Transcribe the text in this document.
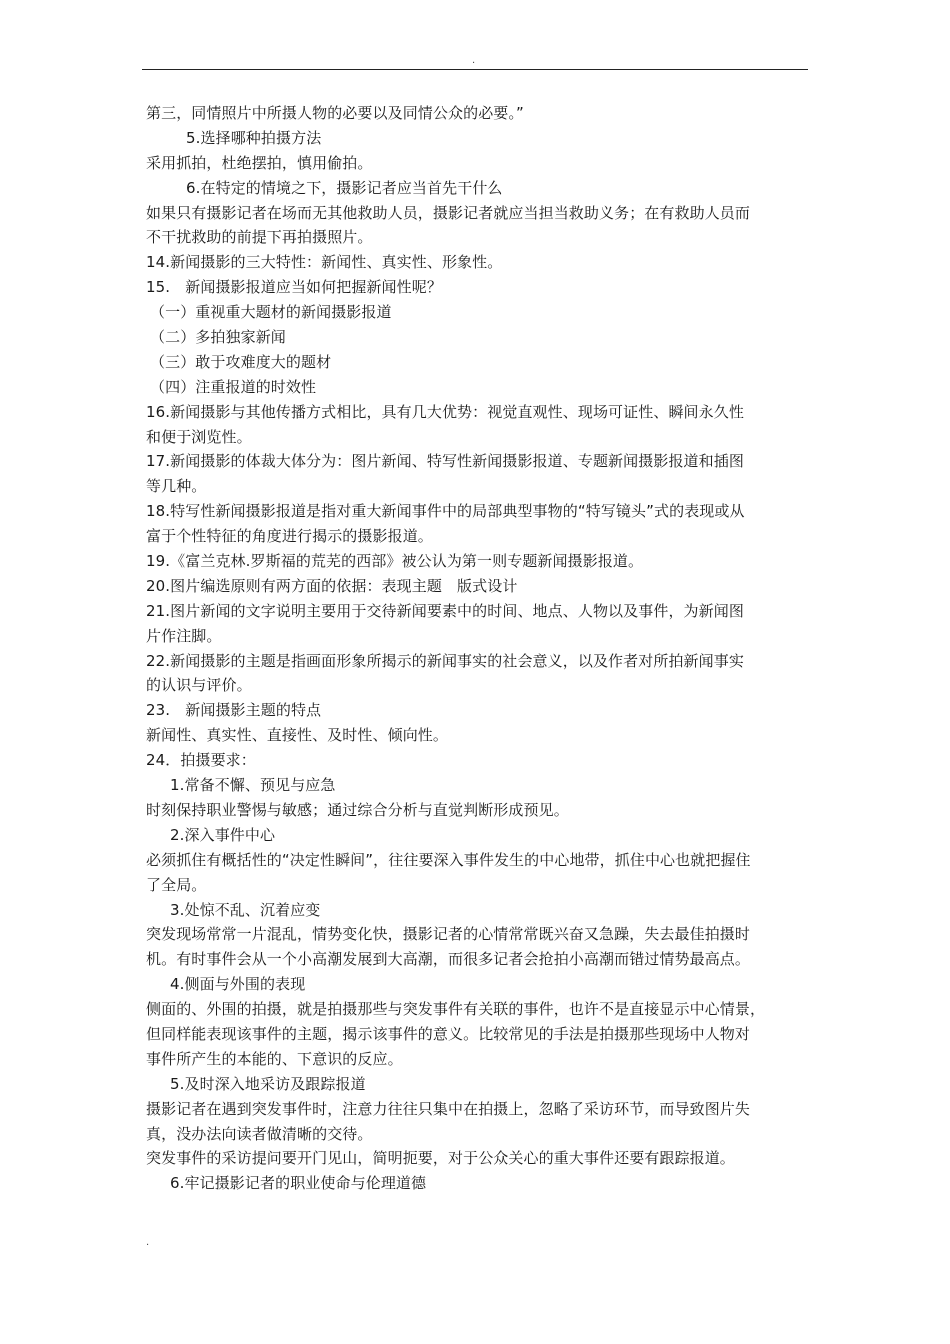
.
第三，同情照片中所摄人物的必要以及同情公众的必要。”
5.选择哪种拍摄方法
采用抓拍，杜绝摆拍，慎用偷拍。
6.在特定的情境之下，摄影记者应当首先干什么
如果只有摄影记者在场而无其他救助人员，摄影记者就应当担当救助义务；在有救助人员而
不干扰救助的前提下再拍摄照片。
14.新闻摄影的三大特性：新闻性、真实性、形象性。
15.　新闻摄影报道应当如何把握新闻性呢？
（一）重视重大题材的新闻摄影报道
（二）多拍独家新闻
（三）敢于攻难度大的题材
（四）注重报道的时效性
16.新闻摄影与其他传播方式相比，具有几大优势：视觉直观性、现场可证性、瞬间永久性
和便于浏览性。
17.新闻摄影的体裁大体分为：图片新闻、特写性新闻摄影报道、专题新闻摄影报道和插图
等几种。
18.特写性新闻摄影报道是指对重大新闻事件中的局部典型事物的“特写镜头”式的表现或从
富于个性特征的角度进行揭示的摄影报道。
19.《富兰克林.罗斯福的荒芜的西部》被公认为第一则专题新闻摄影报道。
20.图片编选原则有两方面的依据：表现主题　版式设计
21.图片新闻的文字说明主要用于交待新闻要素中的时间、地点、人物以及事件，为新闻图
片作注脚。
22.新闻摄影的主题是指画面形象所揭示的新闻事实的社会意义，以及作者对所拍新闻事实
的认识与评价。
23.　新闻摄影主题的特点
新闻性、真实性、直接性、及时性、倾向性。
24．拍摄要求：
1.常备不懈、预见与应急
时刻保持职业警惕与敏感；通过综合分析与直觉判断形成预见。
2.深入事件中心
必须抓住有概括性的“决定性瞬间”，往往要深入事件发生的中心地带，抓住中心也就把握住
了全局。
3.处惊不乱、沉着应变
突发现场常常一片混乱，情势变化快，摄影记者的心情常常既兴奋又急躁，失去最佳拍摄时
机。有时事件会从一个小高潮发展到大高潮，而很多记者会抢拍小高潮而错过情势最高点。
4.侧面与外围的表现
侧面的、外围的拍摄，就是拍摄那些与突发事件有关联的事件，也许不是直接显示中心情景，
但同样能表现该事件的主题，揭示该事件的意义。比较常见的手法是拍摄那些现场中人物对
事件所产生的本能的、下意识的反应。
5.及时深入地采访及跟踪报道
摄影记者在遇到突发事件时，注意力往往只集中在拍摄上，忽略了采访环节，而导致图片失
真，没办法向读者做清晰的交待。
突发事件的采访提问要开门见山，简明扼要，对于公众关心的重大事件还要有跟踪报道。
6.牢记摄影记者的职业使命与伦理道德
.
